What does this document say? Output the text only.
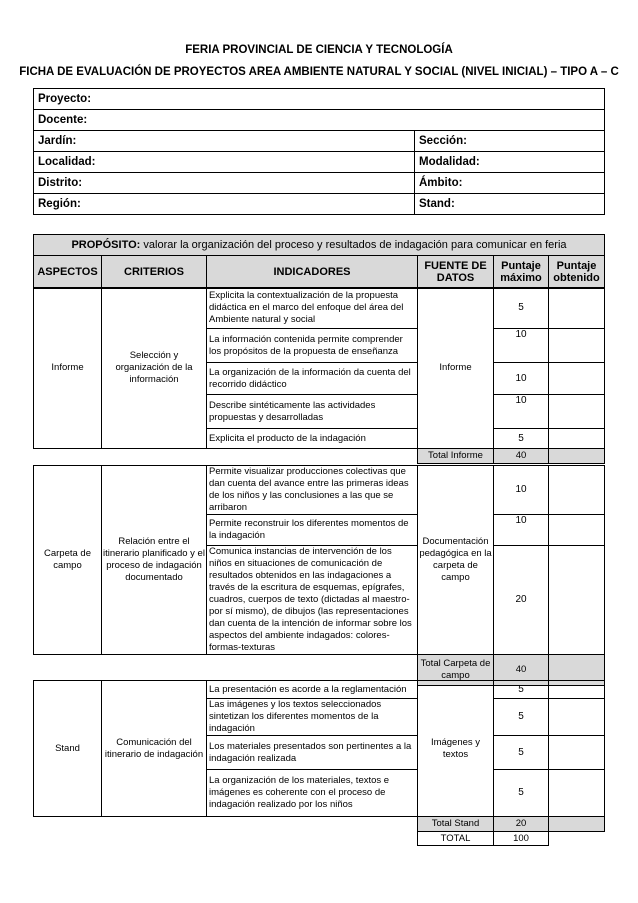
FERIA PROVINCIAL DE CIENCIA Y TECNOLOGÍA
FICHA DE EVALUACIÓN DE PROYECTOS AREA AMBIENTE NATURAL Y SOCIAL (NIVEL INICIAL) – TIPO A – C
Proyecto:	
Docente:	
Jardín:	Sección:
Localidad:	Modalidad:
Distrito:	Ámbito:
Región:	Stand:
PROPÓSITO: valorar la organización del proceso y resultados de indagación para comunicar en feria
ASPECTOS	CRITERIOS	INDICADORES	FUENTE DE DATOS	Puntaje máximo	Puntaje obtenido
Informe	Selección y organización de la información	Explicita la contextualización de la propuesta didáctica en el marco del enfoque del área del Ambiente natural y social	Informe	5	
		La información contenida permite comprender los propósitos de la propuesta de enseñanza		10	
		La organización de la información da cuenta del recorrido didáctico		10	
		Describe sintéticamente las actividades propuestas y desarrolladas		10	
		Explicita el producto de la indagación		5	
			Total Informe	40	
Carpeta de campo	Relación entre el itinerario planificado y el proceso de indagación documentado	Permite visualizar producciones colectivas que dan cuenta del avance entre las primeras ideas de los niños y las conclusiones a las que se arribaron	Documentación pedagógica en la carpeta de campo	10	
		Permite reconstruir los diferentes momentos de la indagación		10	
		Comunica instancias de intervención de los niños en situaciones de comunicación de resultados obtenidos en las indagaciones a través de la escritura de esquemas, epígrafes, cuadros, cuerpos de texto (dictadas al maestro- por sí mismo), de dibujos (las representaciones dan cuenta de la intención de informar sobre los aspectos del ambiente indagados: colores- formas-texturas		20	
			Total Carpeta de campo	40	
Stand	Comunicación del itinerario de indagación	La presentación es acorde a la reglamentación	Imágenes y textos	5	
		Las imágenes y los textos seleccionados sintetizan los diferentes momentos de la indagación		5	
		Los materiales presentados son pertinentes a la indagación realizada		5	
		La organización de los materiales, textos e imágenes es coherente con el proceso de indagación realizado por los niños		5	
			Total Stand	20	
			TOTAL	100	
